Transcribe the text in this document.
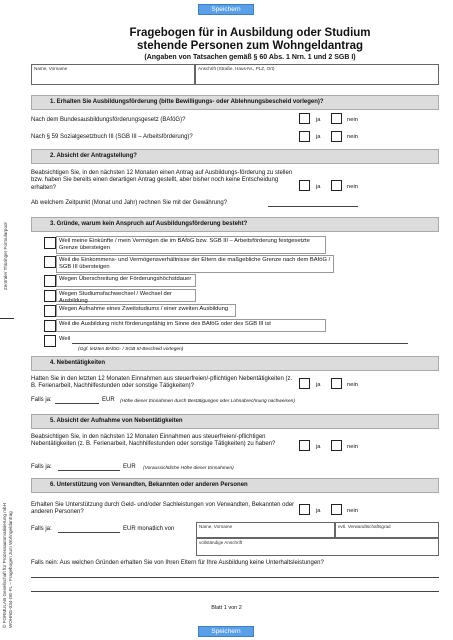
Speichern
Fragebogen für in Ausbildung oder Studium
stehende Personen zum Wohngeldantrag
(Angaben von Tatsachen gemäß § 60 Abs. 1 Nrn. 1 und 2 SGB I)
Zentraler Thüringer Formularpool
© FORMULAB Gesellschaft für Prozessautomatisierung mbH WOHNG-034-DE-FL – Fragebogen zum Wohngeldantrag
Name, Vorname	Anschrift (Straße, Haus-Nr., PLZ, Ort)
1. Erhalten Sie Ausbildungsförderung (bitte Bewilligungs- oder Ablehnungsbescheid vorlegen)?
Nach dem Bundesausbildungsförderungsgesetz (BAföG)?	ja	nein
Nach § 59 Sozialgesetzbuch III (SGB III – Arbeitsförderung)?	ja	nein
2. Absicht der Antragstellung?
Beabsichtigen Sie, in den nächsten 12 Monaten einen Antrag auf Ausbildungs-förderung zu stellen bzw. haben Sie bereits einen derartigen Antrag gestellt, aber bisher noch keine Entscheidung erhalten?	ja	nein
Ab welchem Zeitpunkt (Monat und Jahr) rechnen Sie mit der Gewährung?
3. Gründe, warum kein Anspruch auf Ausbildungsförderung besteht?
Weil meine Einkünfte / mein Vermögen die im BAföG bzw. SGB III – Arbeitsförderung festgesetzte Grenze übersteigen
Weil die Einkommens- und Vermögensverhältnisse der Eltern die maßgebliche Grenze nach dem BAföG / SGB III übersteigen
Wegen Überschreitung der Förderungshöchstdauer
Wegen Studiumsfachwechsel / Wechsel der Ausbildung
Wegen Aufnahme eines Zweitstudiums / einer zweiten Ausbildung
Weil die Ausbildung nicht förderungsfähig im Sinne des BAföG oder des SGB III ist
Weil
(Ggf. letzten BAföG- / SGB III-Bescheid vorlegen)
4. Nebentätigkeiten
Hatten Sie in den letzten 12 Monaten Einnahmen aus steuerfreien/-pflichtigen Nebentätigkeiten (z. B. Ferienarbeit, Nachhilfestunden oder sonstige Tätigkeiten)?	ja	nein
Falls ja:	EUR (Höhe dieser Einnahmen durch Bestätigungen oder Lohnabrechnung nachweisen)
5. Absicht der Aufnahme von Nebentätigkeiten
Beabsichtigen Sie, in den nächsten 12 Monaten Einnahmen aus steuerfreien/-pflichtigen Nebentätigkeiten (z. B. Ferienarbeit, Nachhilfestunden oder sonstige Tätigkeiten) zu haben?	ja	nein
Falls ja:	EUR (Voraussichtliche Höhe dieser Einnahmen)
6. Unterstützung von Verwandten, Bekannten oder anderen Personen
Erhalten Sie Unterstützung durch Geld- und/oder Sachleistungen von Verwandten, Bekannten oder anderen Personen?	ja	nein
Falls ja:	EUR monatlich von	Name, Vorname	evtl. Verwandtschaftsgrad
vollständige Anschrift
Falls nein: Aus welchen Gründen erhalten Sie von Ihren Eltern für Ihre Ausbildung keine Unterhaltsleistungen?
Blatt 1 von 2
Speichern
